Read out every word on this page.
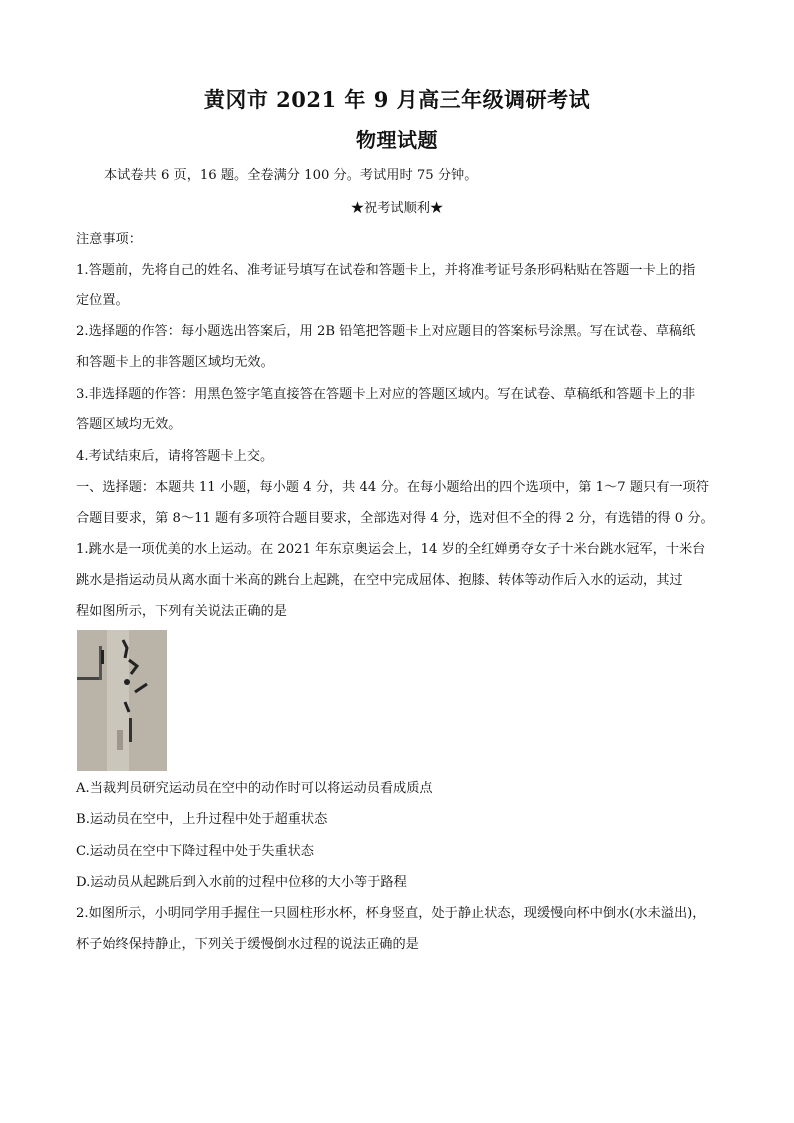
黄冈市 2021 年 9 月高三年级调研考试
物理试题
本试卷共 6 页，16 题。全卷满分 100 分。考试用时 75 分钟。
★祝考试顺利★
注意事项：
1.答题前，先将自己的姓名、准考证号填写在试卷和答题卡上，并将准考证号条形码粘贴在答题一卡上的指
定位置。
2.选择题的作答：每小题选出答案后，用 2B 铅笔把答题卡上对应题目的答案标号涂黑。写在试卷、草稿纸
和答题卡上的非答题区域均无效。
3.非选择题的作答：用黑色签字笔直接答在答题卡上对应的答题区域内。写在试卷、草稿纸和答题卡上的非
答题区域均无效。
4.考试结束后，请将答题卡上交。
一、选择题：本题共 11 小题，每小题 4 分，共 44 分。在每小题给出的四个选项中，第 1～7 题只有一项符
合题目要求，第 8～11 题有多项符合题目要求，全部选对得 4 分，选对但不全的得 2 分，有选错的得 0 分。
1.跳水是一项优美的水上运动。在 2021 年东京奥运会上，14 岁的全红婵勇夺女子十米台跳水冠军，十米台
跳水是指运动员从离水面十米高的跳台上起跳，在空中完成屈体、抱膝、转体等动作后入水的运动，其过
程如图所示，下列有关说法正确的是
A.当裁判员研究运动员在空中的动作时可以将运动员看成质点
B.运动员在空中，上升过程中处于超重状态
C.运动员在空中下降过程中处于失重状态
D.运动员从起跳后到入水前的过程中位移的大小等于路程
2.如图所示，小明同学用手握住一只圆柱形水杯，杯身竖直，处于静止状态，现缓慢向杯中倒水(水未溢出)，
杯子始终保持静止，下列关于缓慢倒水过程的说法正确的是
